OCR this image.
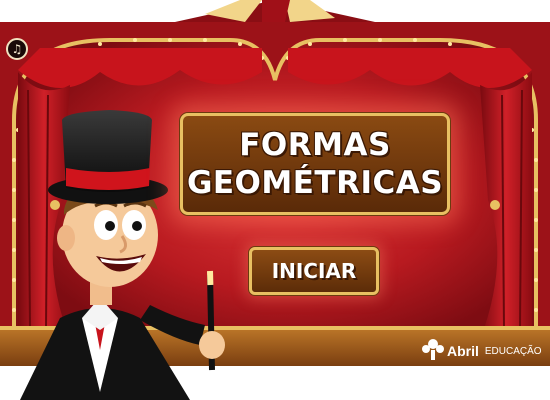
♫
FORMAS
GEOMÉTRICAS
INICIAR
Abril EDUCAÇÃO
